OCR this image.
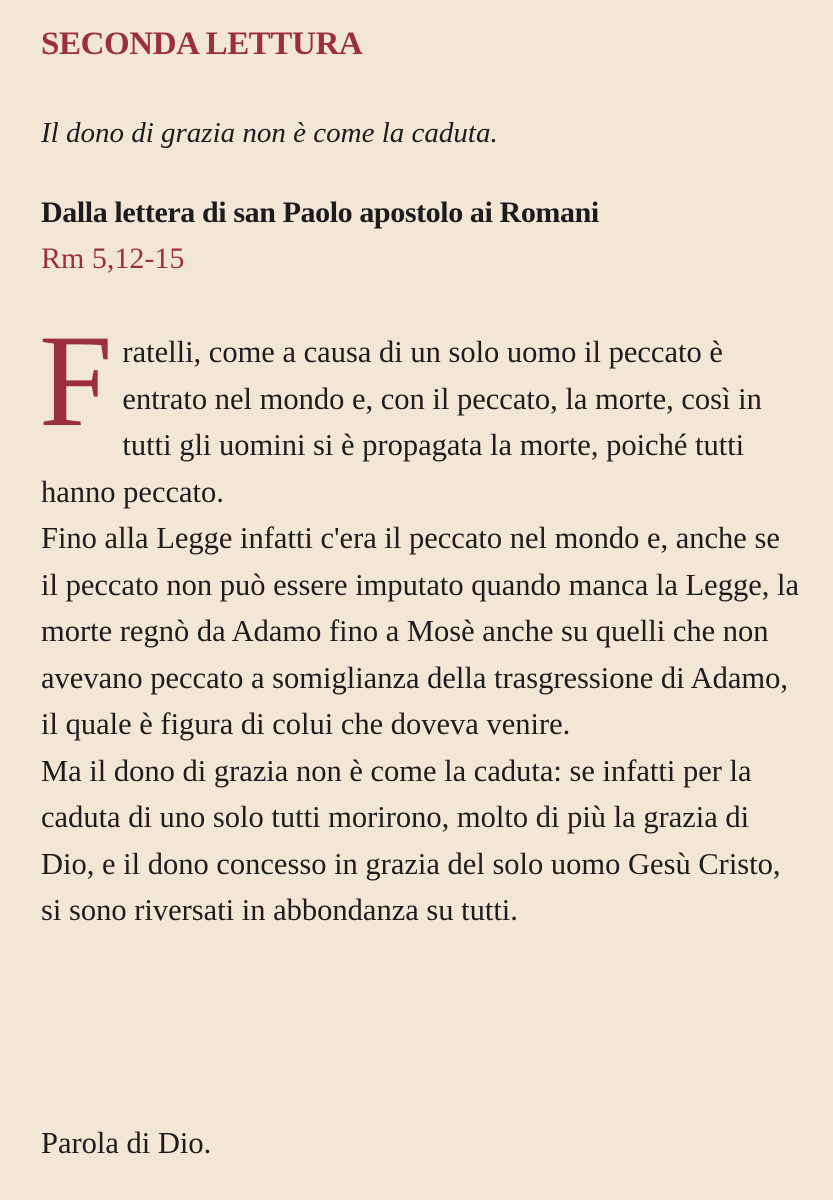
SECONDA LETTURA

Il dono di grazia non è come la caduta.

Dalla lettera di san Paolo apostolo ai Romani

Rm 5,12-15

Fratelli, come a causa di un solo uomo il peccato è entrato nel mondo e, con il peccato, la morte, così in tutti gli uomini si è propagata la morte, poiché tutti hanno peccato.

Fino alla Legge infatti c'era il peccato nel mondo e, anche se il peccato non può essere imputato quando manca la Legge, la morte regnò da Adamo fino a Mosè anche su quelli che non avevano peccato a somiglianza della trasgressione di Adamo, il quale è figura di colui che doveva venire.

Ma il dono di grazia non è come la caduta: se infatti per la caduta di uno solo tutti morirono, molto di più la grazia di Dio, e il dono concesso in grazia del solo uomo Gesù Cristo, si sono riversati in abbondanza su tutti.

Parola di Dio.
